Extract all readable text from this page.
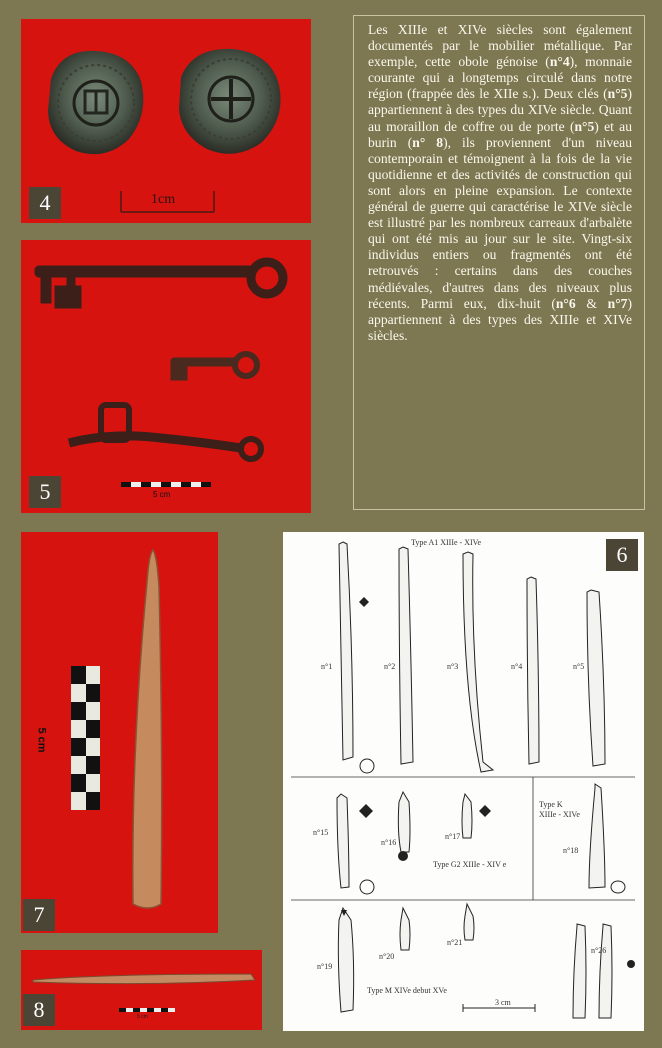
1cm
4
5 cm
5
Les XIIIe et XIVe siècles sont également documentés par le mobilier métallique. Par exemple, cette obole génoise (n°4), monnaie courante qui a longtemps circulé dans notre région (frappée dès le XIIe s.). Deux clés (n°5) appartiennent à des types du XIVe siècle. Quant au moraillon de coffre ou de porte (n°5) et au burin (n° 8), ils proviennent d'un niveau contemporain et témoignent à la fois de la vie quotidienne et des activités de construction qui sont alors en pleine expansion. Le contexte général de guerre qui caractérise le XIVe siècle est illustré par les nombreux carreaux d'arbalète qui ont été mis au jour sur le site. Vingt-six individus entiers ou fragmentés ont été retrouvés : certains dans des couches médiévales, d'autres dans des niveaux plus récents. Parmi eux, dix-huit (n°6 & n°7) appartiennent à des types des XIIIe et XIVe siècles.
5 cm
7
5 cm
8
Type A1 XIIIe - XIVe
Type G2 XIIIe - XIV e
Type K
XIIIe - XIVe
Type M XIVe debut XVe
3 cm
n°1	n°2	n°3	n°4	n°5
n°15
n°16
n°17
n°18
n°19
n°20
n°21
n°26
6
